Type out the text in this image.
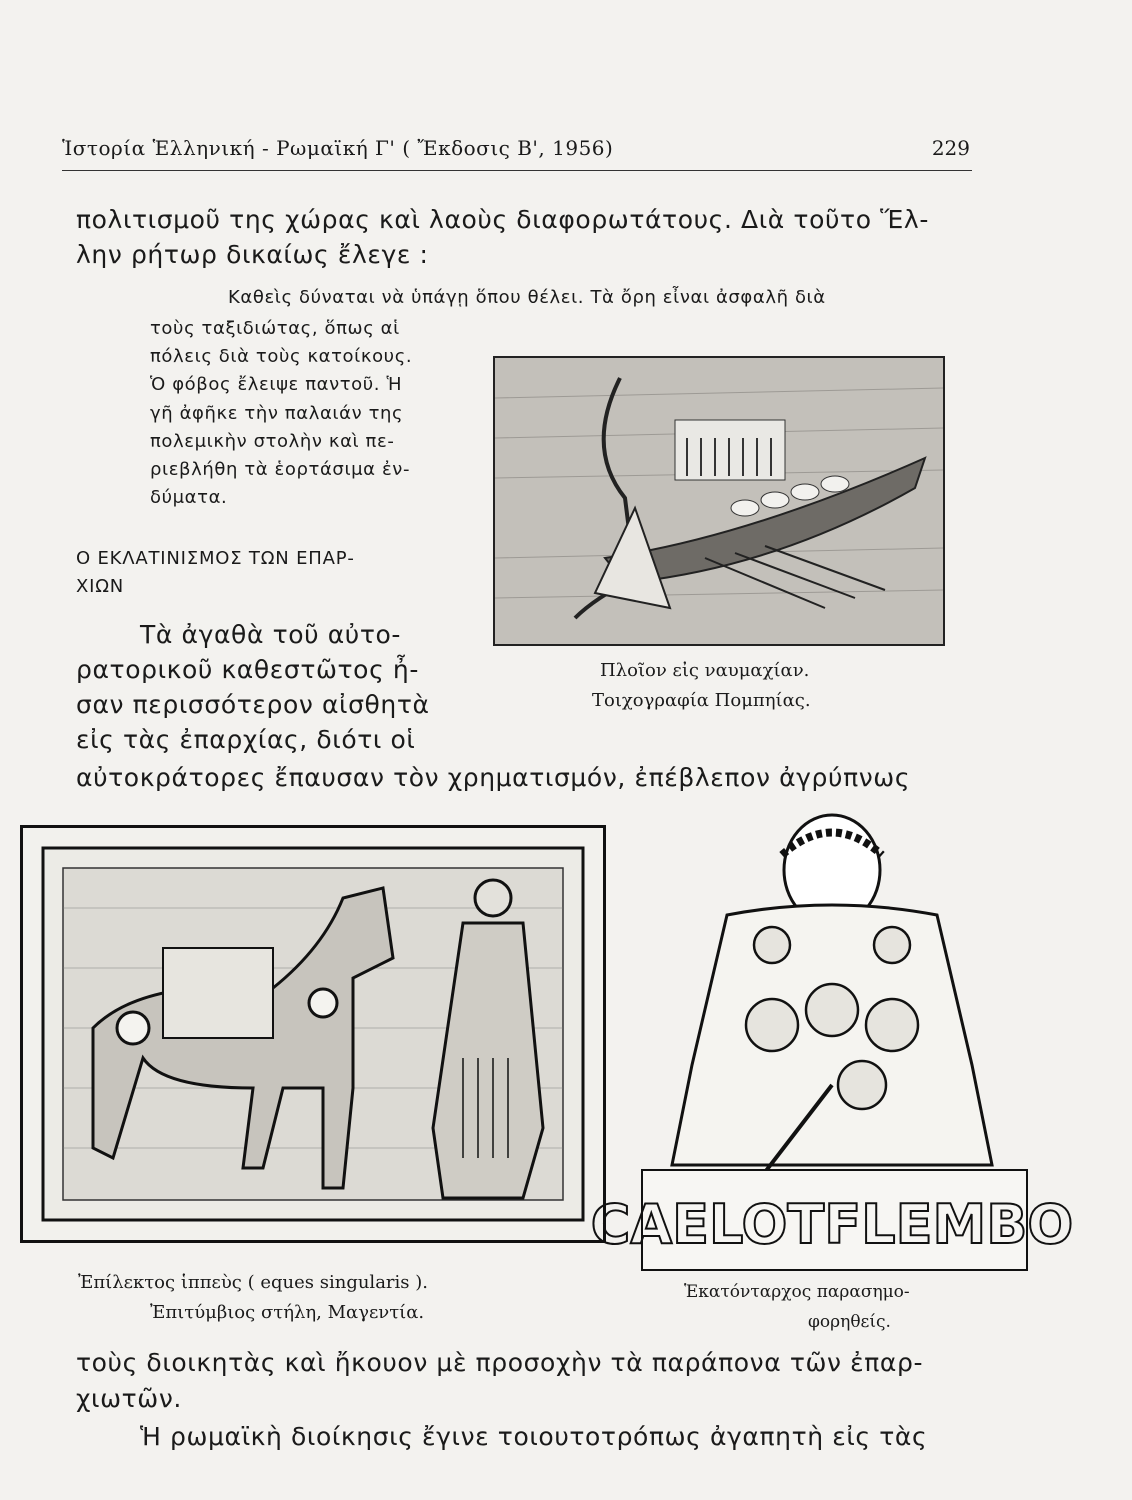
Ἱστορία Ἑλληνική - Ρωμαϊκή Γ' ( Ἔκδοσις Β', 1956)	229
πολιτισμοῦ της χώρας καὶ λαοὺς διαφορωτάτους. Διὰ τοῦτο Ἕλ-
λην ρήτωρ δικαίως ἔλεγε :
Καθεὶς δύναται νὰ ὑπάγῃ ὅπου θέλει. Τὰ ὄρη εἶναι ἀσφαλῆ διὰ
τοὺς ταξιδιώτας, ὅπως αἱ
πόλεις διὰ τοὺς κατοίκους.
Ὁ φόβος ἔλειψε παντοῦ. Ἡ
γῆ ἀφῆκε τὴν παλαιάν της
πολεμικὴν στολὴν καὶ πε-
ριεβλήθη τὰ ἑορτάσιμα ἐν-
δύματα.
Ο ΕΚΛΑΤΙΝΙΣΜΟΣ ΤΩΝ ΕΠΑΡ-
ΧΙΩΝ
Τὰ ἀγαθὰ τοῦ αὐτο-
ρατορικοῦ καθεστῶτος ἦ-
σαν περισσότερον αἰσθητὰ
εἰς τὰς ἐπαρχίας, διότι οἱ
αὐτοκράτορες ἔπαυσαν τὸν χρηματισμόν, ἐπέβλεπον ἀγρύπνως
Πλοῖον εἰς ναυμαχίαν.
Τοιχογραφία Πομπηίας.
Ἐπίλεκτος ἱππεὺς ( eques singularis ).
Ἐπιτύμβιος στήλη, Μαγεντία.
CAELOTFLEMBO
Ἑκατόνταρχος παρασημο-
φορηθείς.
τοὺς διοικητὰς καὶ ἤκουον μὲ προσοχὴν τὰ παράπονα τῶν ἐπαρ-
χιωτῶν.
Ἡ ρωμαϊκὴ διοίκησις ἔγινε τοιουτοτρόπως ἀγαπητὴ εἰς τὰς
